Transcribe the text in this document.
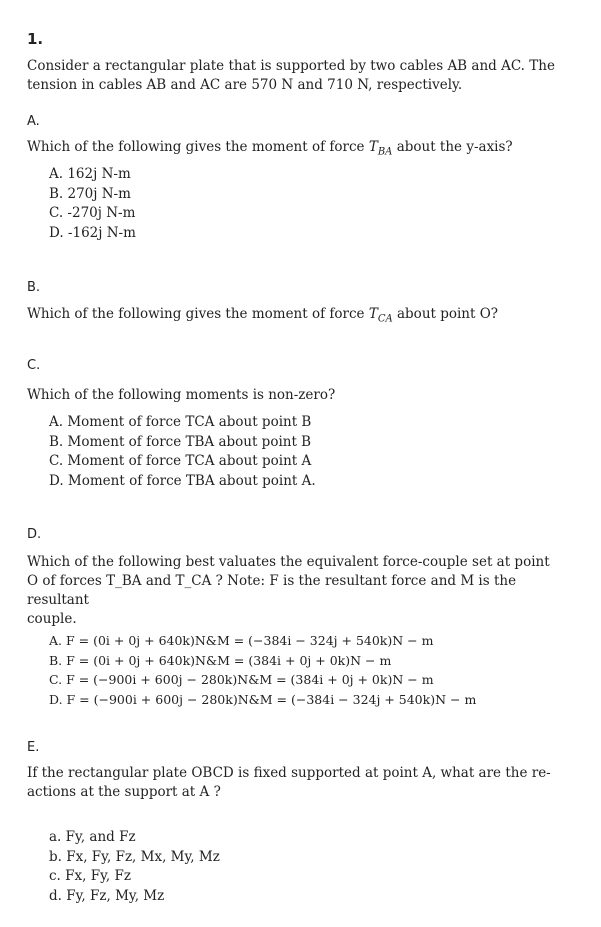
1.
Consider a rectangular plate that is supported by two cables AB and AC. The
tension in cables AB and AC are 570 N and 710 N, respectively.
A.
Which of the following gives the moment of force $T_{BA}$ about the y-axis?
A. 162j N-m
B. 270j N-m
C. -270j N-m
D. -162j N-m
B.
Which of the following gives the moment of force $T_{CA}$ about point O?
C.
Which of the following moments is non-zero?
A. Moment of force TCA about point B
B. Moment of force TBA about point B
C. Moment of force TCA about point A
D. Moment of force TBA about point A.
D.
Which of the following best valuates the equivalent force-couple set at point
O of forces T_BA and T_CA ? Note: F is the resultant force and M is the resultant
couple.
A. F = (0i + 0j + 640k)N&M = (−384i − 324j + 540k)N − m
B. F = (0i + 0j + 640k)N&M = (384i + 0j + 0k)N − m
C. F = (−900i + 600j − 280k)N&M = (384i + 0j + 0k)N − m
D. F = (−900i + 600j − 280k)N&M = (−384i − 324j + 540k)N − m
E.
If the rectangular plate OBCD is fixed supported at point A, what are the re-
actions at the support at A ?
a. Fy, and Fz
b. Fx, Fy, Fz, Mx, My, Mz
c. Fx, Fy, Fz
d. Fy, Fz, My, Mz
